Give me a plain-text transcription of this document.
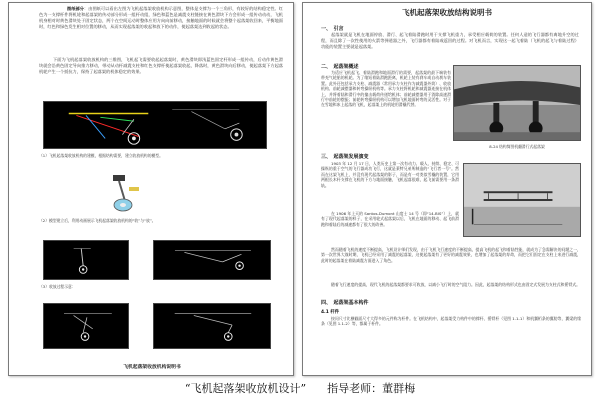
图纸部分：由图纸可以看出左图为飞机起落架收放机构示意图，整体是支撑为一个三角形，有较好的结构稳定性。红色为一支撑杆件将机轮和起落架的传动部分形成一组杆动组，绿色和蓝色是减震支柱链接在黄色滑块下方会形成一组传动动动，飞机机身相对时黄色滑块处于固定状态，两个在空间运动时整体应用方向向前移动，接触地面的时候就会将整个起落架收回来，平衡地面时，红色和绿色发生相对位置的移动，从而实现起落架的收起和放下的动作，使起落架达到收起的状态。
下面为飞机起落架收放机构的三维图，飞机起飞需要收起起落架时，黄色滑块即浅蓝色固定杆形成一组传动，后动作黄色滑块就会沿黄色固定导向推力移动，带动从动杆减震支柱和红色支撑杆使起落架收起，降落时，黄色滑块向后移动，使起落架下方起落机轮产生一个抵抗力，保持了起落架的机体稳定的效果。
（1）飞机起落架收放机构的建模，根据结构需要，建立收放机构的模型。
（2）模型建立后，利用动画展示飞机起落架收放机构的“收”与“放”。
（3）收放过程示意：
飞机起落架收放机构说明书
飞机起落架收放结构说明书
一、　引言
起落架就是飞机在地面停放、滑行、起飞着陆滑跑时用于支撑飞机重力，承受相应载荷的装置。任何人造的飞行器都有离地升空的过程，而且除了一次性使用的火箭等弹道器之外，飞行器都有着陆或返回的过程。对飞机而言，实现这一起飞着陆（飞机的起飞与着陆过程）功能的装置主要就是起落架。
二、　起落架概述
为适应飞机起飞、着陆滑跑和地面滑行的需要，起落架的最下端装有带充气轮胎的机轮。为了缩短着陆滑跑距离，机轮上装有刹车或自动刹车装置。此外还包括承力支柱、减震器（常用承力支柱作为减震器外筒）、收放机构、前轮减摆器和转弯操纵机构等。承力支柱将机轮和减震器连接在机体上，并将着陆和滑行中的撞击载荷传递给机体；前轮减摆器用于消除高速滑行中前轮的摆振；前轮转弯操纵机构可以增加飞机地面转弯的灵活性。对于在雪地和冰上起落的飞机，起落架上的机轮用滑橇代替。
8-24 结构简图机翻滑行式起落架
三、　起落架发展演变
1903 年 12 月 17 日，人类历史上第一次有动力、载人、持续、稳定、可操纵的重于空气的飞行器成功飞行，这就是莱特兄弟所制造的“飞行者一号”。然而在这架飞机上，并没有现代起落架的影子，而是有一对类似雪橇的装置，它用两根长木杆支撑在飞机的下方与地面接触，飞机起落很难，起飞前需要用一条滑轨。
在 1906 年上天的 Santos-Dumont 山度士 14 号（即“14-BIS”）上，就有了现代起落架的样子，在采用轮式起落架以后，飞机在地面的移动、起飞前滑跑和着陆后的减速都有了很大的改善。
然而随着飞机的速度不断提高，飞机设计师们发现，由于飞机飞行速度的不断提高，提高飞机的起飞和着陆性能，就成为了急需解决的问题之一，第一次世界大战时期，飞机已经采用了减震的起落架，这使起落架有了更好的减震效果，也增加了起落架的寿命，而把它们固定在支柱上来进行减震，此时的起落架在着陆减震方面进入了角色。
随着飞行速度的提高，现代飞机的起落架都要求可收放，以减小飞行时的空气阻力。因此，起落架的结构形式也由固定式发展为支柱式和摇臂式。
四、　起落架基本构件
4.1 杆件
按问尺寸比横截面尺寸大得多的元件称为杆件。在飞机结构中，起落架受力构件中的撑杆、摇臂杆（见图 1.1-1）和机翼桁条的翼肋等，翼梁的缘条（见图 1.1-2）等，都属于杆件。
“飞机起落架收放机设计” 指导老师：董群梅
